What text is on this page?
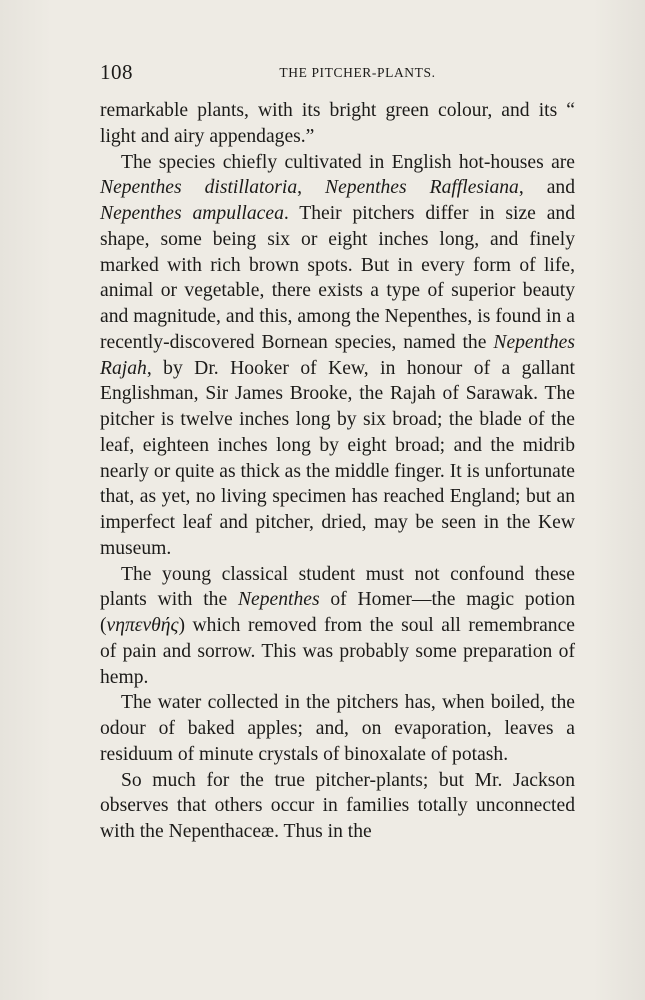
108	THE PITCHER-PLANTS.

remarkable plants, with its bright green colour, and its “ light and airy appendages.”

The species chiefly cultivated in English hot-houses are Nepenthes distillatoria, Nepenthes Rafflesiana, and Nepenthes ampullacea. Their pitchers differ in size and shape, some being six or eight inches long, and finely marked with rich brown spots. But in every form of life, animal or vegetable, there exists a type of superior beauty and magnitude, and this, among the Nepenthes, is found in a recently-discovered Bornean species, named the Nepenthes Rajah, by Dr. Hooker of Kew, in honour of a gallant Englishman, Sir James Brooke, the Rajah of Sarawak. The pitcher is twelve inches long by six broad; the blade of the leaf, eighteen inches long by eight broad; and the midrib nearly or quite as thick as the middle finger. It is unfortunate that, as yet, no living specimen has reached England; but an imperfect leaf and pitcher, dried, may be seen in the Kew museum.

The young classical student must not confound these plants with the Nepenthes of Homer—the magic potion (νηπενθής) which removed from the soul all remembrance of pain and sorrow. This was probably some preparation of hemp.

The water collected in the pitchers has, when boiled, the odour of baked apples; and, on evaporation, leaves a residuum of minute crystals of binoxalate of potash.

So much for the true pitcher-plants; but Mr. Jackson observes that others occur in families totally unconnected with the Nepenthaceæ. Thus in the
